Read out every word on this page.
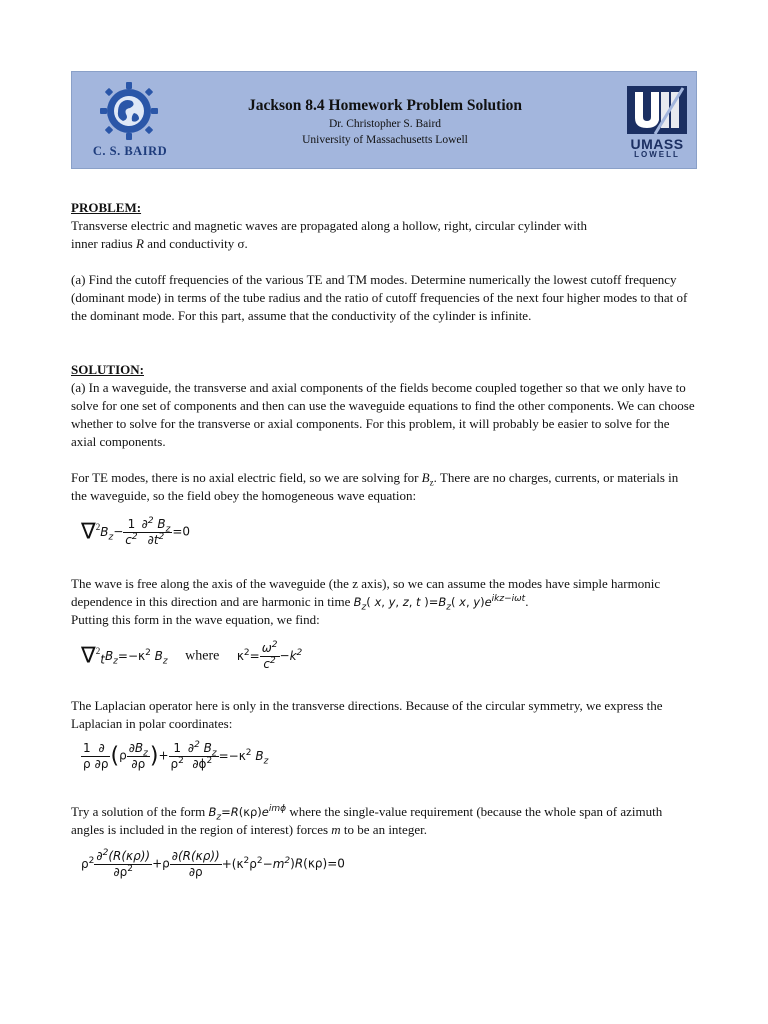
C. S. BAIRD
Jackson 8.4 Homework Problem Solution
Dr. Christopher S. Baird
University of Massachusetts Lowell	UMASS
LOWELL

PROBLEM:

Transverse electric and magnetic waves are propagated along a hollow, right, circular cylinder with
inner radius R and conductivity σ.

(a) Find the cutoff frequencies of the various TE and TM modes. Determine numerically the lowest cutoff frequency (dominant mode) in terms of the tube radius and the ratio of cutoff frequencies of the next four higher modes to that of the dominant mode. For this part, assume that the conductivity of the cylinder is infinite.

SOLUTION:

(a) In a waveguide, the transverse and axial components of the fields become coupled together so that we only have to solve for one set of components and then can use the waveguide equations to find the other components. We can choose whether to solve for the transverse or axial components. For this problem, it will probably be easier to solve for the axial components.

For TE modes, there is no axial electric field, so we are solving for $B_z$. There are no charges, currents, or materials in the waveguide, so the field obey the homogeneous wave equation:

$\nabla^2B_z- \frac{1}{c^2} \frac{\partial^2 B_z}{\partial t^2} =0$

The wave is free along the axis of the waveguide (the z axis), so we can assume the modes have simple harmonic dependence in this direction and are harmonic in time $B_z$( x, y, z, t )$=B_z$( x, $y)e^{ikz-i\omega t}$.
Putting this form in the wave equation, we find:

$\nabla^2_tB_z=-\kappa^2$ $B_z$ where $\kappa^2= \frac{\omega^2}{c^2} -k^2$

The Laplacian operator here is only in the transverse directions. Because of the circular symmetry, we express the Laplacian in polar coordinates:

$\frac{1}{\rho} \frac{\partial}{\partial\rho} (\rho \frac{\partial B_z}{\partial\rho}$ )+ $\frac{1}{\rho^2} \frac{\partial^2 B_z}{\partial\phi^2} =-\kappa^2$ $B_z$

Try a solution of the form $B_z=R(\kappa\rho)e^{im\phi}$ where the single-value requirement (because the whole span of azimuth angles is included in the region of interest) forces m to be an integer.

$\rho^2 \frac{\partial^2(R(\kappa\rho))}{\partial\rho^2} +\rho \frac{\partial(R(\kappa\rho))}{\partial\rho} +(\kappa^2\rho^2-m^2)R(\kappa\rho)=0$
